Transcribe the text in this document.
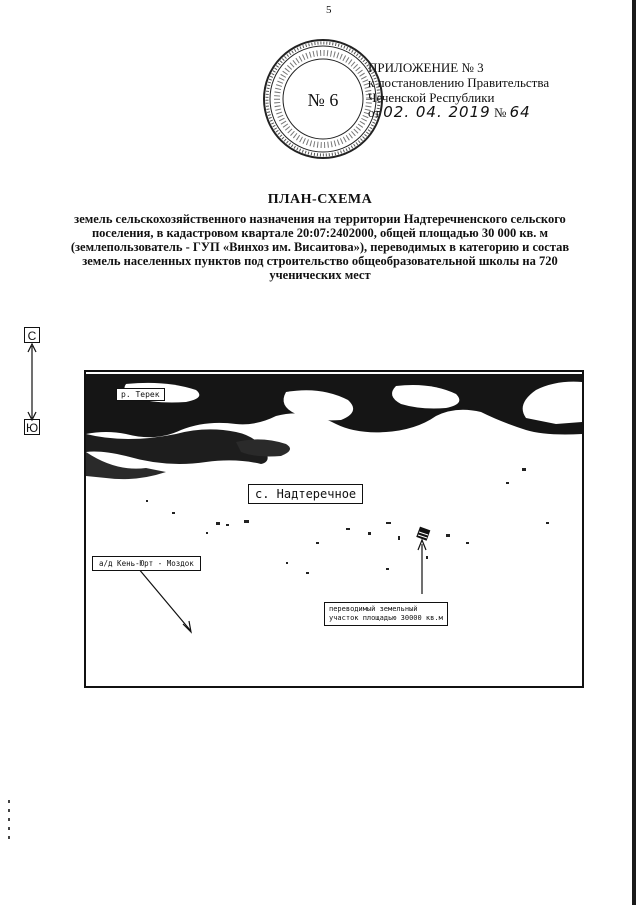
5
№ 6
ПРИЛОЖЕНИЕ № 3
к постановлению Правительства
Чеченской Республики
от 02. 04. 2019 № 64
ПЛАН-СХЕМА
земель сельскохозяйственного назначения на территории Надтеречненского сельского поселения, в кадастровом квартале 20:07:2402000, общей площадью 30 000 кв. м (землепользователь - ГУП «Винхоз им. Висаитова»), переводимых в категорию и состав земель населенных пунктов под строительство общеобразовательной школы на 720 ученических мест
С
Ю
р. Терек
с. Надтеречное
а/д Кень-Юрт - Моздок
переводимый земельный
участок площадью 30000 кв.м
